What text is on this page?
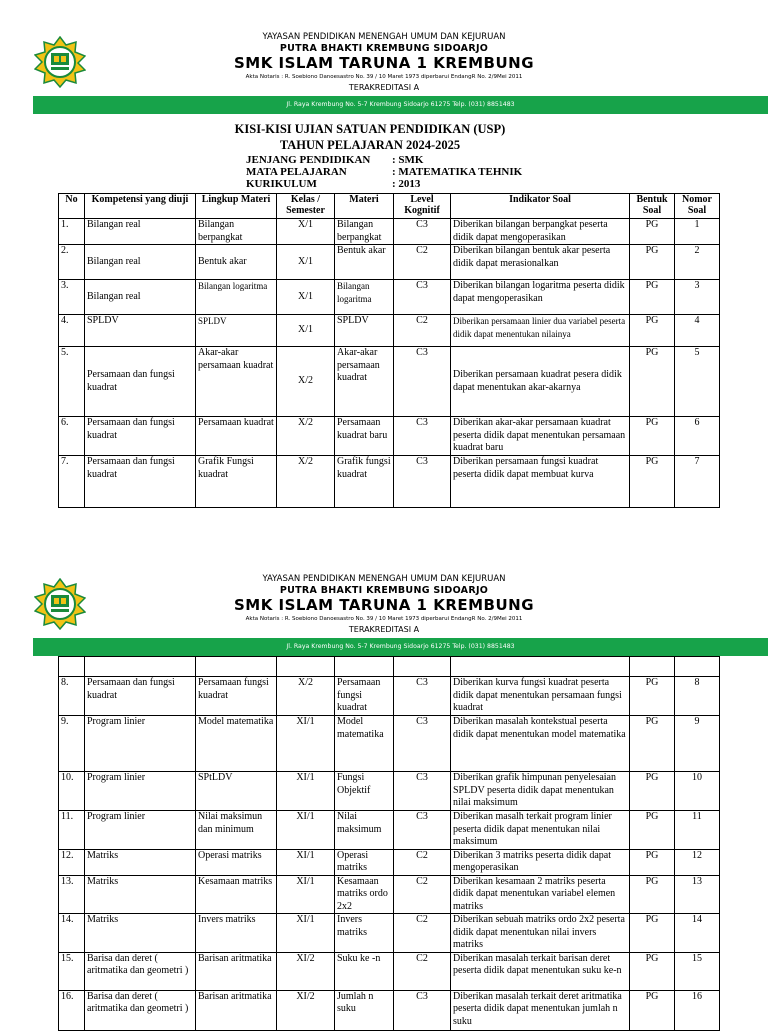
YAYASAN PENDIDIKAN MENENGAH UMUM DAN KEJURUAN
PUTRA BHAKTI KREMBUNG SIDOARJO
SMK ISLAM TARUNA 1 KREMBUNG
Akta Notaris : R. Soebiono Danoesastro No. 39 / 10 Maret 1973 diperbarui EndangR No. 2/9Mei 2011
TERAKREDITASI A
Jl. Raya Krembung No. 5-7 Krembung Sidoarjo 61275 Telp. (031) 8851483
KISI-KISI UJIAN SATUAN PENDIDIKAN (USP)
TAHUN PELAJARAN 2024-2025
JENJANG PENDIDIKAN : SMK
MATA PELAJARAN	: MATEMATIKA TEHNIK
KURIKULUM	: 2013
No	Kompetensi yang diuji	Lingkup Materi	Kelas / Semester	Materi	Level Kognitif	Indikator Soal	Bentuk Soal	Nomor Soal
1.	Bilangan real	Bilangan berpangkat	X/1	Bilangan berpangkat	C3	Diberikan bilangan berpangkat peserta didik dapat mengoperasikan	PG	1
2.	Bilangan real	Bentuk akar	X/1	Bentuk akar	C2	Diberikan bilangan bentuk akar peserta didik dapat merasionalkan	PG	2
3.	Bilangan real	Bilangan logaritma	X/1	Bilangan logaritma	C3	Diberikan bilangan logaritma peserta didik dapat mengoperasikan	PG	3
4.	SPLDV	SPLDV	X/1	SPLDV	C2	Diberikan persamaan linier dua variabel peserta didik dapat menentukan nilainya	PG	4
5.	Persamaan dan fungsi kuadrat	Akar-akar persamaan kuadrat	X/2	Akar-akar persamaan kuadrat	C3	Diberikan persamaan kuadrat pesera didik dapat menentukan akar-akarnya	PG	5
6.	Persamaan dan fungsi kuadrat	Persamaan kuadrat	X/2	Persamaan kuadrat baru	C3	Diberikan akar-akar persamaan kuadrat peserta didik dapat menentukan persamaan kuadrat baru	PG	6
7.	Persamaan dan fungsi kuadrat	Grafik Fungsi kuadrat	X/2	Grafik fungsi kuadrat	C3	Diberikan persamaan fungsi kuadrat peserta didik dapat membuat kurva	PG	7
YAYASAN PENDIDIKAN MENENGAH UMUM DAN KEJURUAN
PUTRA BHAKTI KREMBUNG SIDOARJO
SMK ISLAM TARUNA 1 KREMBUNG
Akta Notaris : R. Soebiono Danoesastro No. 39 / 10 Maret 1973 diperbarui EndangR No. 2/9Mei 2011
TERAKREDITASI A
Jl. Raya Krembung No. 5-7 Krembung Sidoarjo 61275 Telp. (031) 8851483

8.	Persamaan dan fungsi kuadrat	Persamaan fungsi kuadrat	X/2	Persamaan fungsi kuadrat	C3	Diberikan kurva fungsi kuadrat peserta didik dapat menentukan persamaan fungsi kuadrat	PG	8
9.	Program linier	Model matematika	XI/1	Model matematika	C3	Diberikan masalah kontekstual peserta didik dapat menentukan model matematika	PG	9
10.	Program linier	SPtLDV	XI/1	Fungsi Objektif	C3	Diberikan grafik himpunan penyelesaian SPLDV peserta didik dapat menentukan nilai maksimum	PG	10
11.	Program linier	Nilai maksimun dan minimum	XI/1	Nilai maksimum	C3	Diberikan masalh terkait program linier peserta didik dapat menentukan nilai maksimum	PG	11
12.	Matriks	Operasi matriks	XI/1	Operasi matriks	C2	Diberikan 3 matriks peserta didik dapat mengoperasikan	PG	12
13.	Matriks	Kesamaan matriks	XI/1	Kesamaan matriks ordo 2x2	C2	Diberikan kesamaan 2 matriks peserta didik dapat menentukan variabel elemen matriks	PG	13
14.	Matriks	Invers matriks	XI/1	Invers matriks	C2	Diberikan sebuah matriks ordo 2x2 peserta didik dapat menentukan nilai invers matriks	PG	14
15.	Barisa dan deret ( aritmatika dan geometri )	Barisan aritmatika	XI/2	Suku ke -n	C2	Diberikan masalah terkait barisan deret peserta didik dapat menentukan suku ke-n	PG	15
16.	Barisa dan deret ( aritmatika dan geometri )	Barisan aritmatika	XI/2	Jumlah n suku	C3	Diberikan masalah terkait deret aritmatika peserta didik dapat menentukan jumlah n suku	PG	16
